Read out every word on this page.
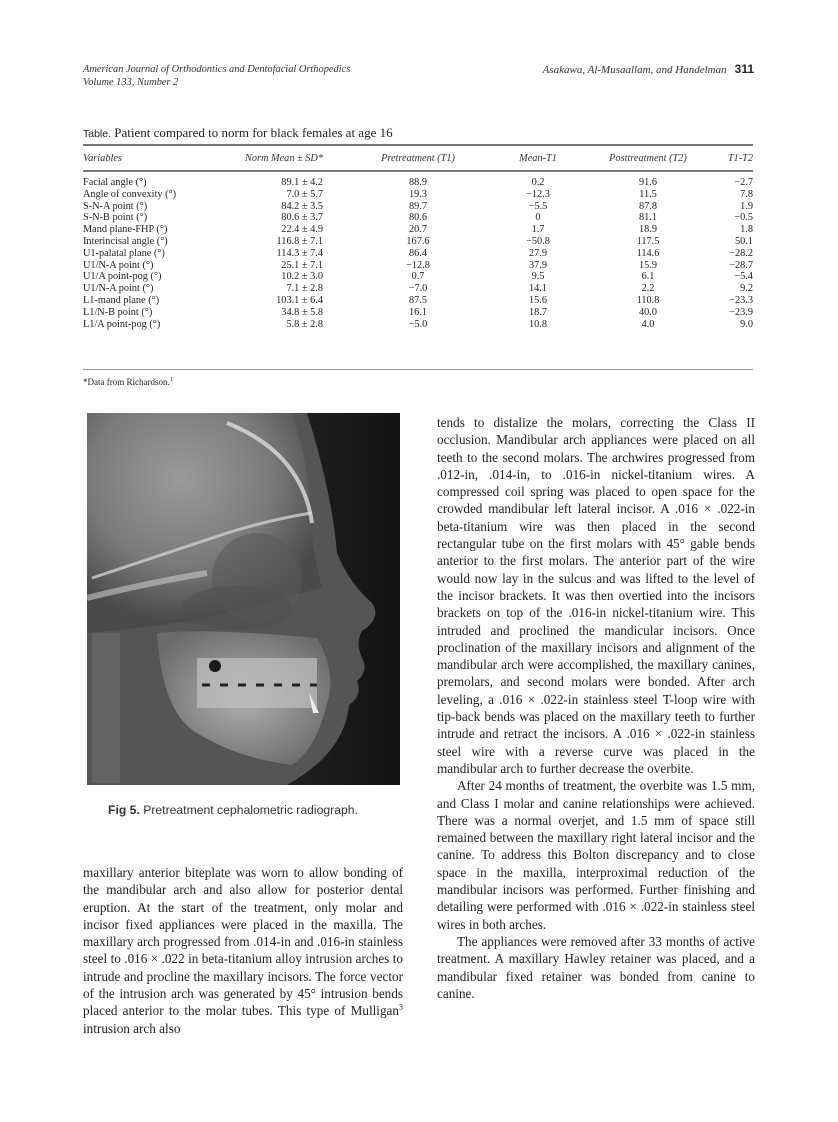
American Journal of Orthodontics and Dentofacial Orthopedics
Volume 133, Number 2
Asakawa, Al-Musaallam, and Handelman 311
Table. Patient compared to norm for black females at age 16
Variables	Norm Mean ± SD*	Pretreatment (T1)	Mean-T1	Posttreatment (T2)	T1-T2
Facial angle (°)	89.1 ± 4.2	88.9	0.2	91.6	−2.7
Angle of convexity (°)	7.0 ± 5.7	19.3	−12.3	11.5	7.8
S-N-A point (°)	84.2 ± 3.5	89.7	−5.5	87.8	1.9
S-N-B point (°)	80.6 ± 3.7	80.6	0	81.1	−0.5
Mand plane-FHP (°)	22.4 ± 4.9	20.7	1.7	18.9	1.8
Interincisal angle (°)	116.8 ± 7.1	167.6	−50.8	117.5	50.1
U1-palatal plane (°)	114.3 ± 7.4	86.4	27.9	114.6	−28.2
U1/N-A point (°)	25.1 ± 7.1	−12.8	37.9	15.9	−28.7
U1/A point-pog (°)	10.2 ± 3.0	0.7	9.5	6.1	−5.4
U1/N-A point (°)	7.1 ± 2.8	−7.0	14.1	2.2	9.2
L1-mand plane (°)	103.1 ± 6.4	87.5	15.6	110.8	−23.3
L1/N-B point (°)	34.8 ± 5.8	16.1	18.7	40.0	−23.9
L1/A point-pog (°)	5.8 ± 2.8	−5.0	10.8	4.0	9.0
*Data from Richardson.$^1$
Fig 5. Pretreatment cephalometric radiograph.

maxillary anterior biteplate was worn to allow bonding of the mandibular arch and also allow for posterior dental eruption. At the start of the treatment, only molar and incisor fixed appliances were placed in the maxilla. The maxillary arch progressed from .014-in and .016-in stainless steel to .016 × .022 in beta-titanium alloy intrusion arches to intrude and procline the maxillary incisors. The force vector of the intrusion arch was generated by 45° intrusion bends placed anterior to the molar tubes. This type of Mulligan$^3$ intrusion arch also

tends to distalize the molars, correcting the Class II occlusion. Mandibular arch appliances were placed on all teeth to the second molars. The archwires progressed from .012-in, .014-in, to .016-in nickel-titanium wires. A compressed coil spring was placed to open space for the crowded mandibular left lateral incisor. A .016 × .022-in beta-titanium wire was then placed in the second rectangular tube on the first molars with 45° gable bends anterior to the first molars. The anterior part of the wire would now lay in the sulcus and was lifted to the level of the incisor brackets. It was then overtied into the incisors brackets on top of the .016-in nickel-titanium wire. This intruded and proclined the mandicular incisors. Once proclination of the maxillary incisors and alignment of the mandibular arch were accomplished, the maxillary canines, premolars, and second molars were bonded. After arch leveling, a .016 × .022-in stainless steel T-loop wire with tip-back bends was placed on the maxillary teeth to further intrude and retract the incisors. A .016 × .022-in stainless steel wire with a reverse curve was placed in the mandibular arch to further decrease the overbite.

After 24 months of treatment, the overbite was 1.5 mm, and Class I molar and canine relationships were achieved. There was a normal overjet, and 1.5 mm of space still remained between the maxillary right lateral incisor and the canine. To address this Bolton discrepancy and to close space in the maxilla, interproximal reduction of the mandibular incisors was performed. Further finishing and detailing were performed with .016 × .022-in stainless steel wires in both arches.

The appliances were removed after 33 months of active treatment. A maxillary Hawley retainer was placed, and a mandibular fixed retainer was bonded from canine to canine.
